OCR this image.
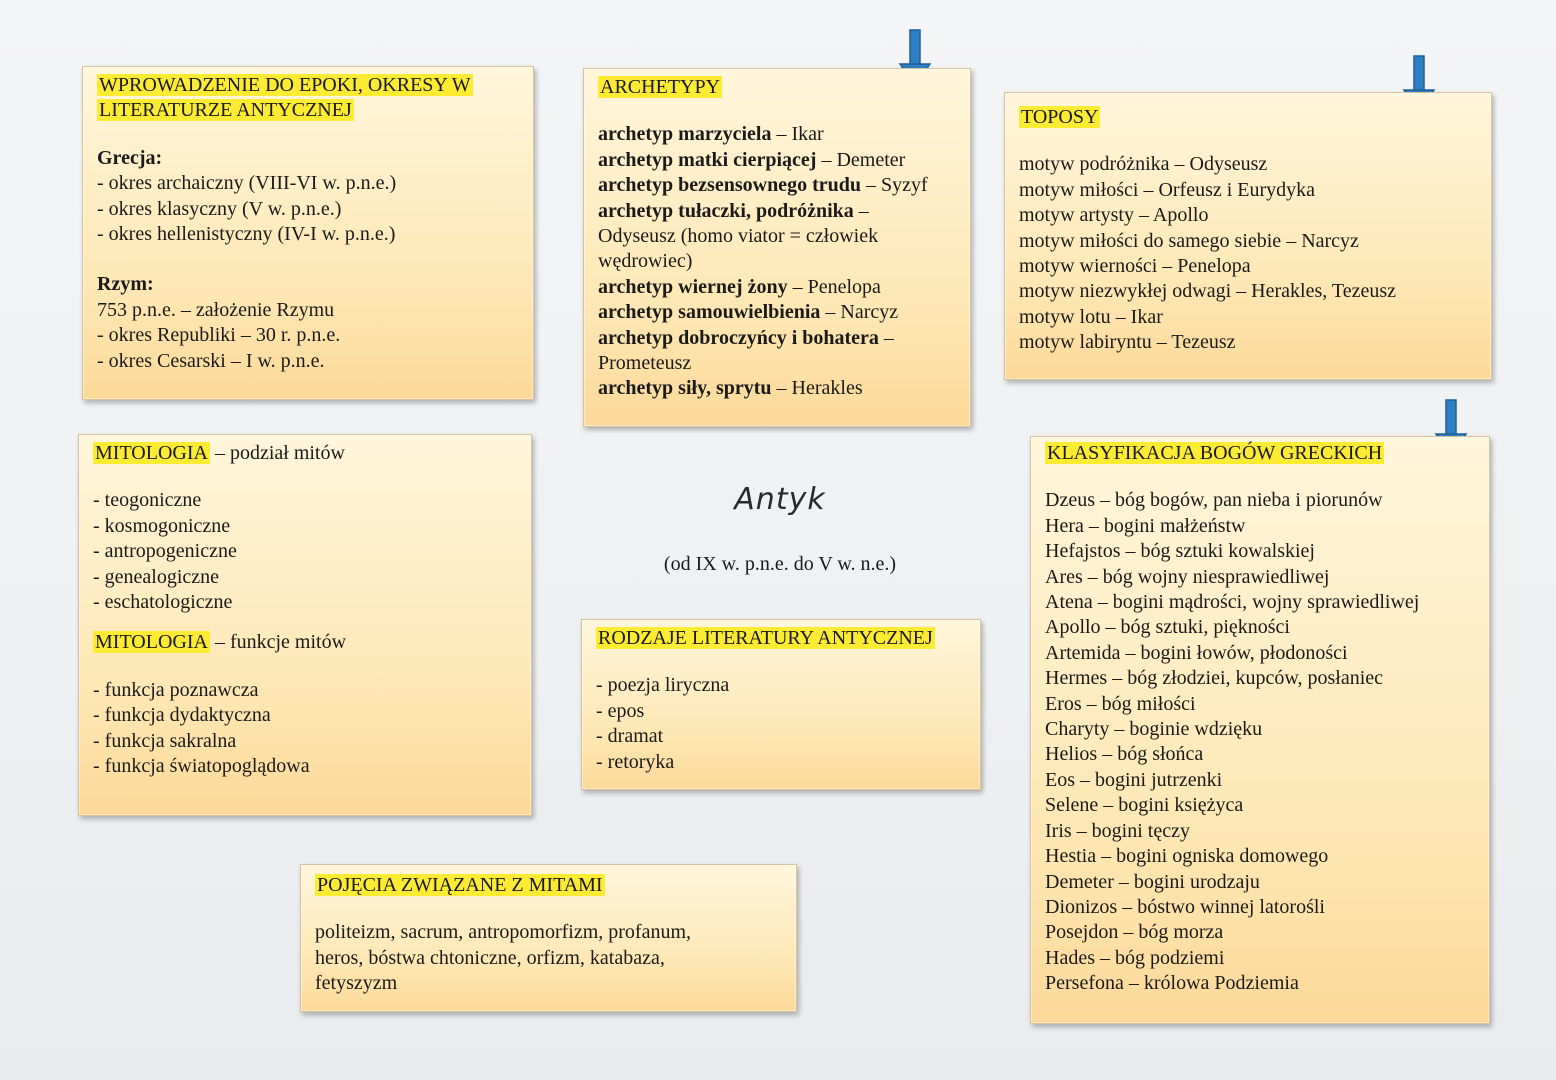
WPROWADZENIE DO EPOKI, OKRESY W
LITERATURZE ANTYCZNEJ
Grecja:
- okres archaiczny (VIII-VI w. p.n.e.)
- okres klasyczny (V w. p.n.e.)
- okres hellenistyczny (IV-I w. p.n.e.)
Rzym:
753 p.n.e. – założenie Rzymu
- okres Republiki – 30 r. p.n.e.
- okres Cesarski – I w. p.n.e.
ARCHETYPY
archetyp marzyciela – Ikar
archetyp matki cierpiącej – Demeter
archetyp bezsensownego trudu – Syzyf
archetyp tułaczki, podróżnika –
Odyseusz (homo viator = człowiek
wędrowiec)
archetyp wiernej żony – Penelopa
archetyp samouwielbienia – Narcyz
archetyp dobroczyńcy i bohatera –
Prometeusz
archetyp siły, sprytu – Herakles
TOPOSY
motyw podróżnika – Odyseusz
motyw miłości – Orfeusz i Eurydyka
motyw artysty – Apollo
motyw miłości do samego siebie – Narcyz
motyw wierności – Penelopa
motyw niezwykłej odwagi – Herakles, Tezeusz
motyw lotu – Ikar
motyw labiryntu – Tezeusz
MITOLOGIA – podział mitów
- teogoniczne
- kosmogoniczne
- antropogeniczne
- genealogiczne
- eschatologiczne
MITOLOGIA – funkcje mitów
- funkcja poznawcza
- funkcja dydaktyczna
- funkcja sakralna
- funkcja światopoglądowa
Antyk
(od IX w. p.n.e. do V w. n.e.)
RODZAJE LITERATURY ANTYCZNEJ
- poezja liryczna
- epos
- dramat
- retoryka
POJĘCIA ZWIĄZANE Z MITAMI
politeizm, sacrum, antropomorfizm, profanum,
heros, bóstwa chtoniczne, orfizm, katabaza,
fetyszyzm
KLASYFIKACJA BOGÓW GRECKICH
Dzeus – bóg bogów, pan nieba i piorunów
Hera – bogini małżeństw
Hefajstos – bóg sztuki kowalskiej
Ares – bóg wojny niesprawiedliwej
Atena – bogini mądrości, wojny sprawiedliwej
Apollo – bóg sztuki, piękności
Artemida – bogini łowów, płodoności
Hermes – bóg złodziei, kupców, posłaniec
Eros – bóg miłości
Charyty – boginie wdzięku
Helios – bóg słońca
Eos – bogini jutrzenki
Selene – bogini księżyca
Iris – bogini tęczy
Hestia – bogini ogniska domowego
Demeter – bogini urodzaju
Dionizos – bóstwo winnej latorośli
Posejdon – bóg morza
Hades – bóg podziemi
Persefona – królowa Podziemia
